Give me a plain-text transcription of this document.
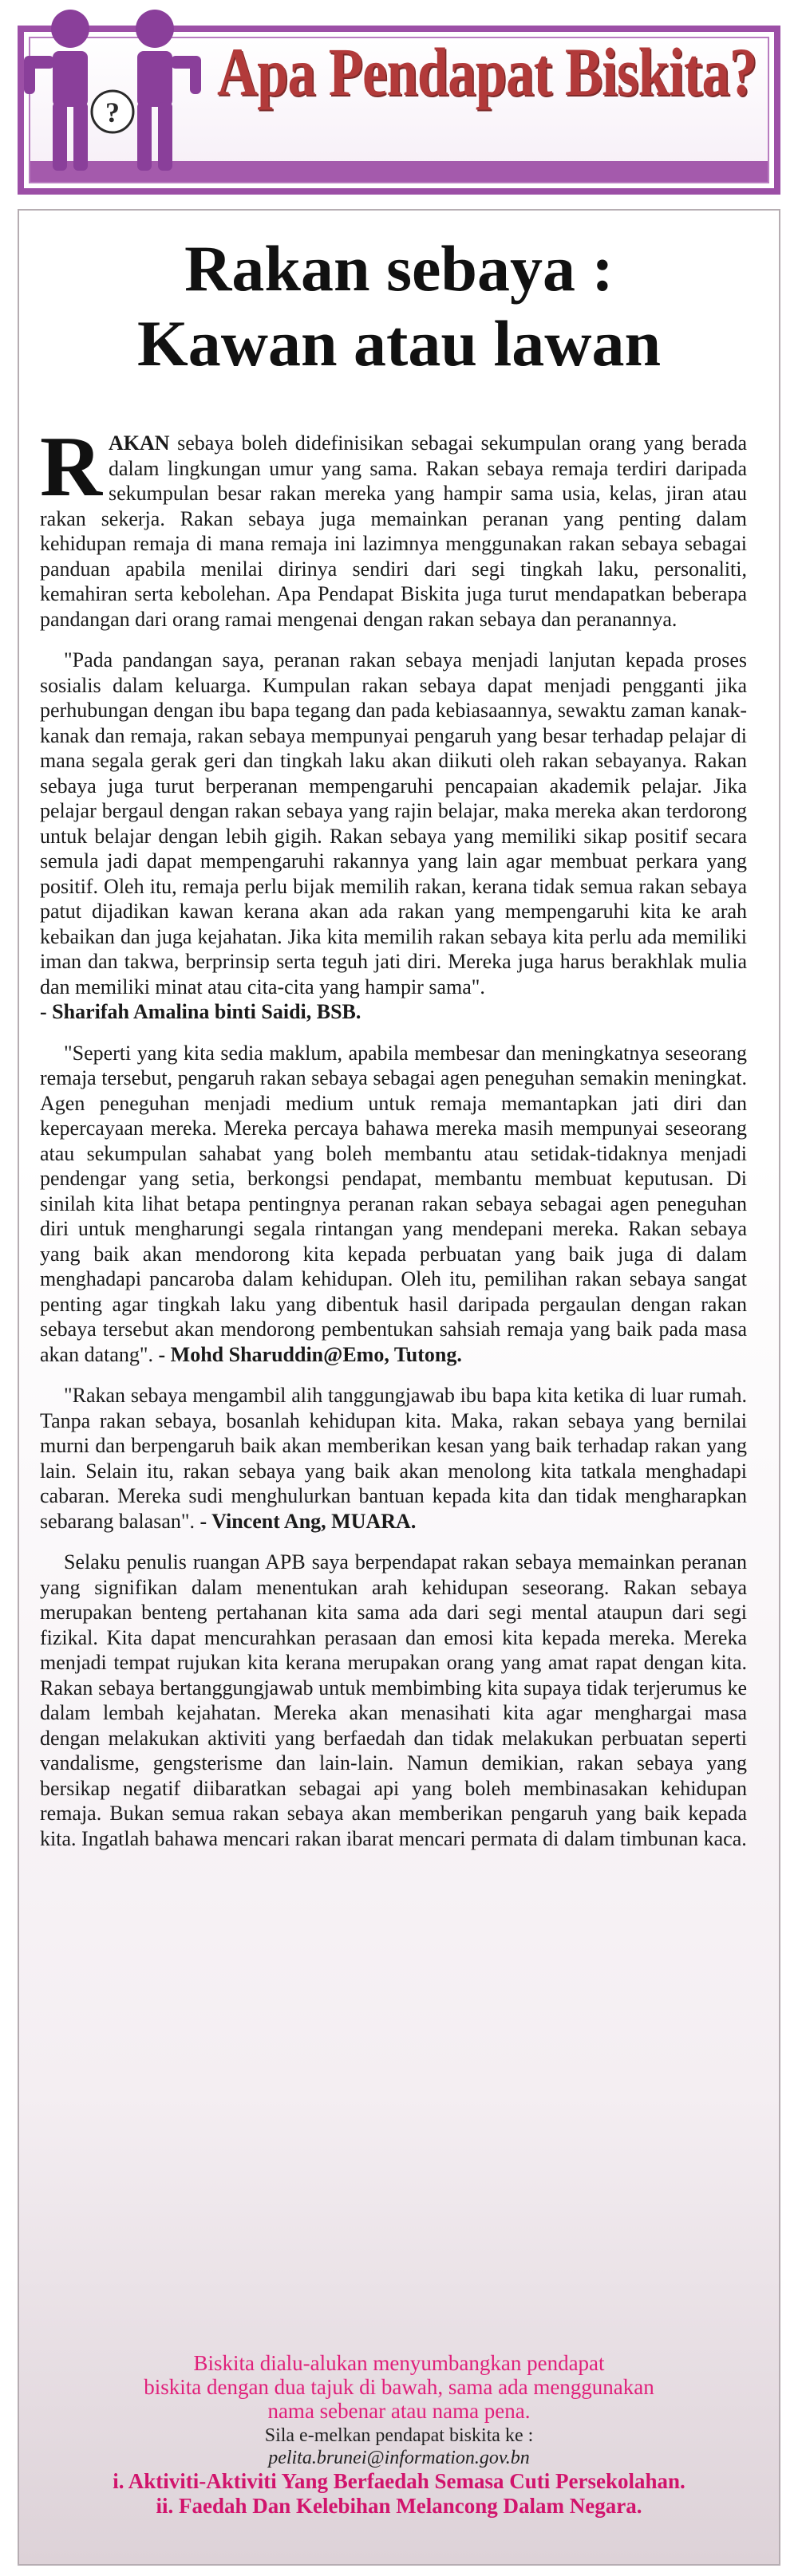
?
Apa Pendapat Biskita?
Rakan sebaya :
Kawan atau lawan

RAKAN sebaya boleh didefinisikan sebagai sekumpulan orang yang berada dalam lingkungan umur yang sama. Rakan sebaya remaja terdiri daripada sekumpulan besar rakan mereka yang hampir sama usia, kelas, jiran atau rakan sekerja. Rakan sebaya juga memainkan peranan yang penting dalam kehidupan remaja di mana remaja ini lazimnya menggunakan rakan sebaya sebagai panduan apabila menilai dirinya sendiri dari segi tingkah laku, personaliti, kemahiran serta kebolehan. Apa Pendapat Biskita juga turut mendapatkan beberapa pandangan dari orang ramai mengenai dengan rakan sebaya dan peranannya.

"Pada pandangan saya, peranan rakan sebaya menjadi lanjutan kepada proses sosialis dalam keluarga. Kumpulan rakan sebaya dapat menjadi pengganti jika perhubungan dengan ibu bapa tegang dan pada kebiasaannya, sewaktu zaman kanak-kanak dan remaja, rakan sebaya mempunyai pengaruh yang besar terhadap pelajar di mana segala gerak geri dan tingkah laku akan diikuti oleh rakan sebayanya. Rakan sebaya juga turut berperanan mempengaruhi pencapaian akademik pelajar. Jika pelajar bergaul dengan rakan sebaya yang rajin belajar, maka mereka akan terdorong untuk belajar dengan lebih gigih. Rakan sebaya yang memiliki sikap positif secara semula jadi dapat mempengaruhi rakannya yang lain agar membuat perkara yang positif. Oleh itu, remaja perlu bijak memilih rakan, kerana tidak semua rakan sebaya patut dijadikan kawan kerana akan ada rakan yang mempengaruhi kita ke arah kebaikan dan juga kejahatan. Jika kita memilih rakan sebaya kita perlu ada memiliki iman dan takwa, berprinsip serta teguh jati diri. Mereka juga harus berakhlak mulia dan memiliki minat atau cita-cita yang hampir sama".
- Sharifah Amalina binti Saidi, BSB.

"Seperti yang kita sedia maklum, apabila membesar dan meningkatnya seseorang remaja tersebut, pengaruh rakan sebaya sebagai agen peneguhan semakin meningkat. Agen peneguhan menjadi medium untuk remaja memantapkan jati diri dan kepercayaan mereka. Mereka percaya bahawa mereka masih mempunyai seseorang atau sekumpulan sahabat yang boleh membantu atau setidak-tidaknya menjadi pendengar yang setia, berkongsi pendapat, membantu membuat keputusan. Di sinilah kita lihat betapa pentingnya peranan rakan sebaya sebagai agen peneguhan diri untuk mengharungi segala rintangan yang mendepani mereka. Rakan sebaya yang baik akan mendorong kita kepada perbuatan yang baik juga di dalam menghadapi pancaroba dalam kehidupan. Oleh itu, pemilihan rakan sebaya sangat penting agar tingkah laku yang dibentuk hasil daripada pergaulan dengan rakan sebaya tersebut akan mendorong pembentukan sahsiah remaja yang baik pada masa akan datang". - Mohd Sharuddin@Emo, Tutong.

"Rakan sebaya mengambil alih tanggungjawab ibu bapa kita ketika di luar rumah. Tanpa rakan sebaya, bosanlah kehidupan kita. Maka, rakan sebaya yang bernilai murni dan berpengaruh baik akan memberikan kesan yang baik terhadap rakan yang lain. Selain itu, rakan sebaya yang baik akan menolong kita tatkala menghadapi cabaran. Mereka sudi menghulurkan bantuan kepada kita dan tidak mengharapkan sebarang balasan". - Vincent Ang, MUARA.

Selaku penulis ruangan APB saya berpendapat rakan sebaya memainkan peranan yang signifikan dalam menentukan arah kehidupan seseorang. Rakan sebaya merupakan benteng pertahanan kita sama ada dari segi mental ataupun dari segi fizikal. Kita dapat mencurahkan perasaan dan emosi kita kepada mereka. Mereka menjadi tempat rujukan kita kerana merupakan orang yang amat rapat dengan kita. Rakan sebaya bertanggungjawab untuk membimbing kita supaya tidak terjerumus ke dalam lembah kejahatan. Mereka akan menasihati kita agar menghargai masa dengan melakukan aktiviti yang berfaedah dan tidak melakukan perbuatan seperti vandalisme, gengsterisme dan lain-lain. Namun demikian, rakan sebaya yang bersikap negatif diibaratkan sebagai api yang boleh membinasakan kehidupan remaja. Bukan semua rakan sebaya akan memberikan pengaruh yang baik kepada kita. Ingatlah bahawa mencari rakan ibarat mencari permata di dalam timbunan kaca.

Biskita dialu-alukan menyumbangkan pendapat
biskita dengan dua tajuk di bawah, sama ada menggunakan
nama sebenar atau nama pena.
Sila e-melkan pendapat biskita ke :
pelita.brunei@information.gov.bn
i. Aktiviti-Aktiviti Yang Berfaedah Semasa Cuti Persekolahan.
ii. Faedah Dan Kelebihan Melancong Dalam Negara.
